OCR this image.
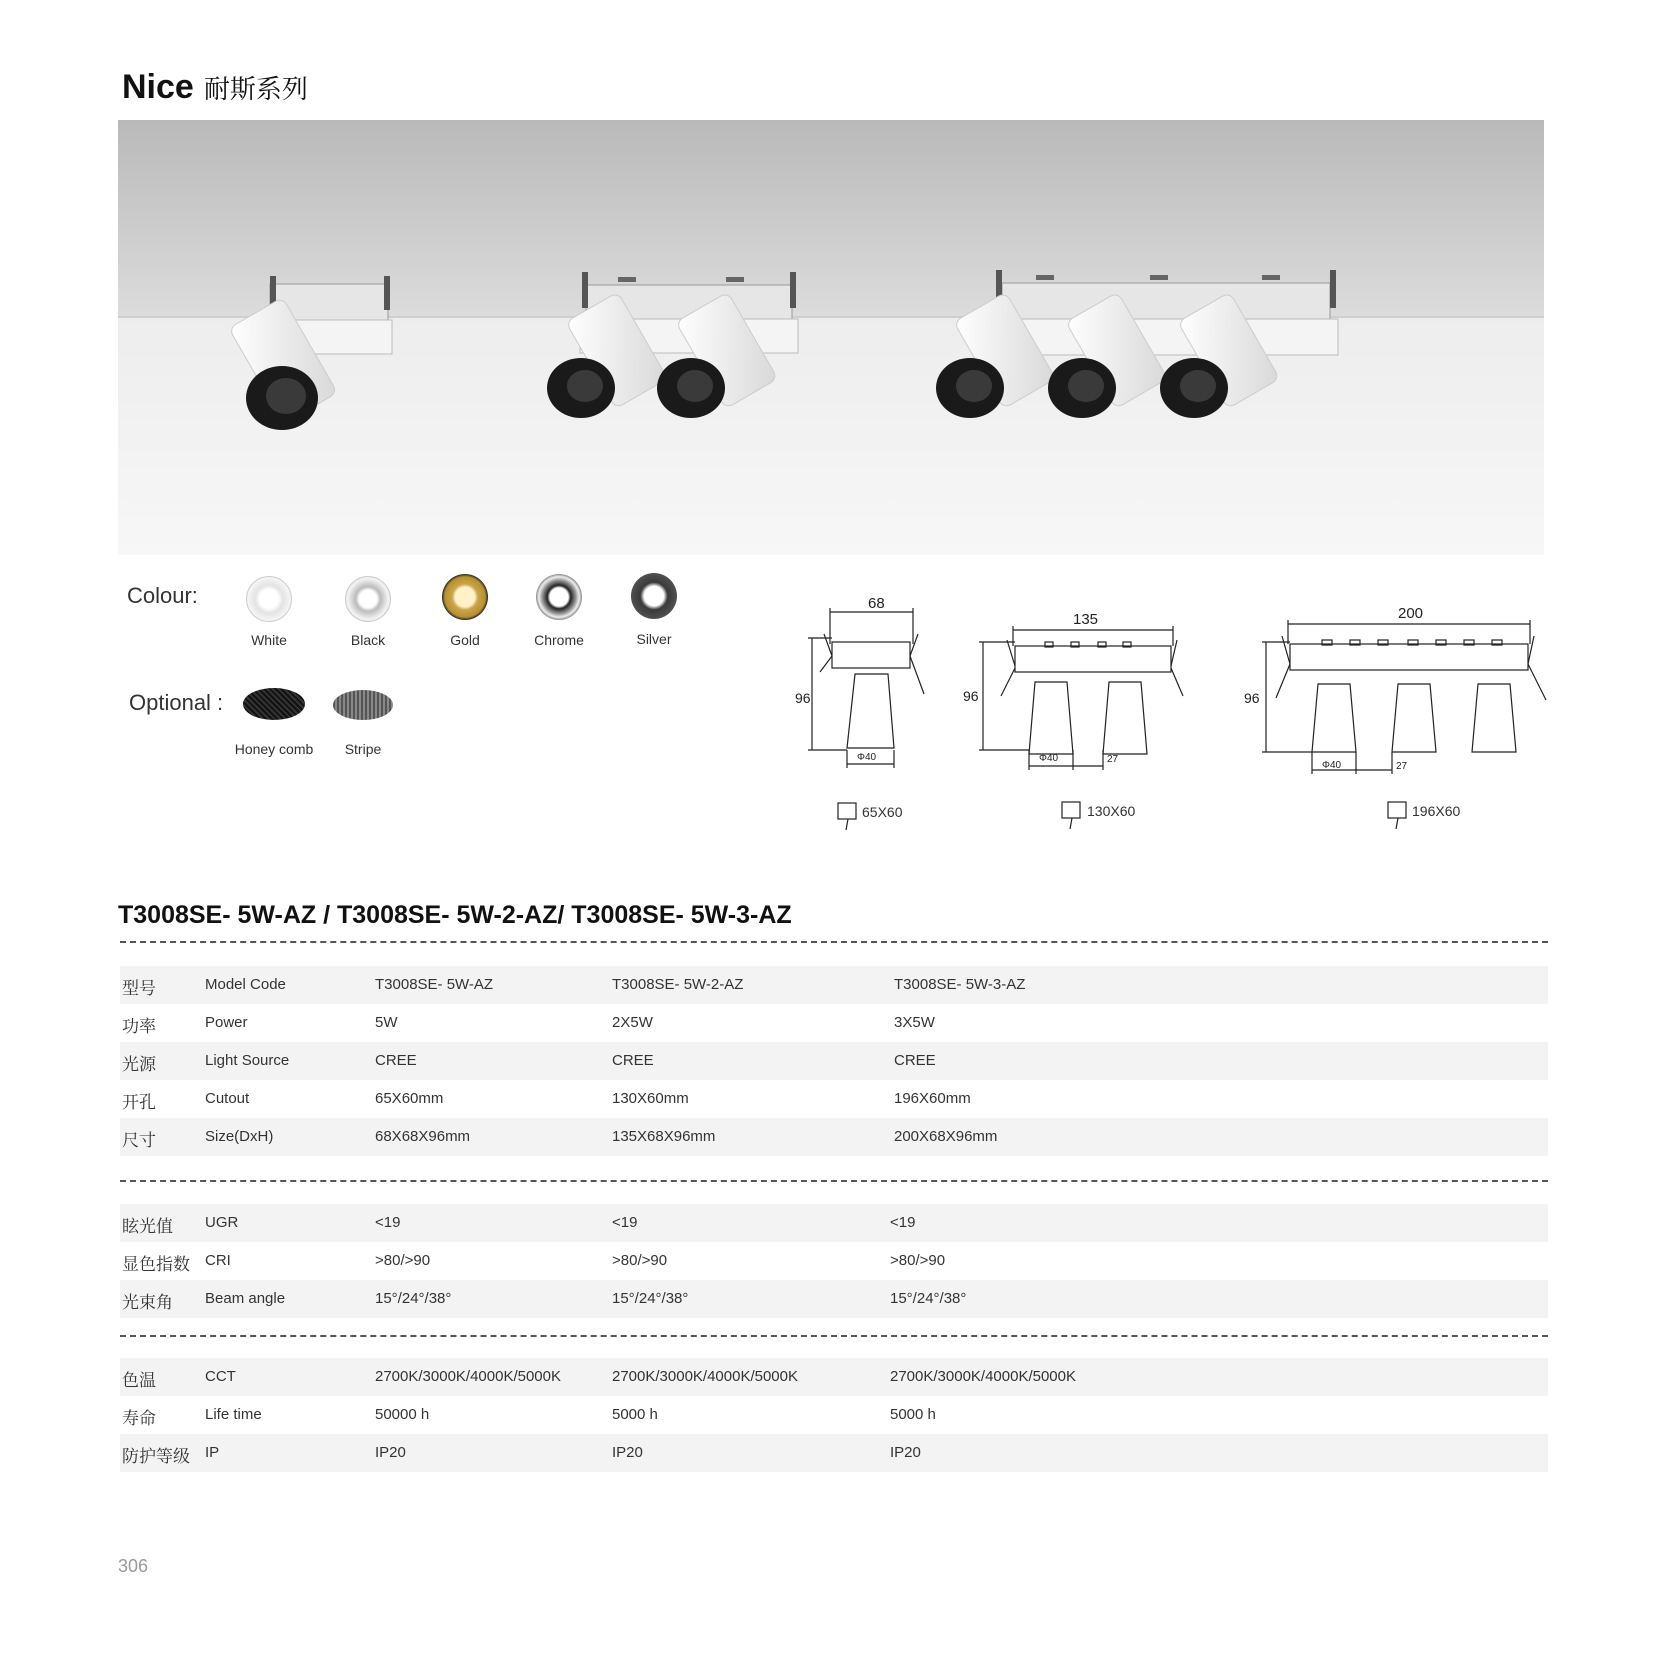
Nice 耐斯系列
Colour:
White	Black	Gold	Chrome	Silver
Optional :
Honey comb	Stripe
68
96
Φ40
65X60
135
96
Φ40	27
130X60
200
96
Φ40	27
196X60
T3008SE- 5W-AZ / T3008SE- 5W-2-AZ/ T3008SE- 5W-3-AZ
型号	Model Code	T3008SE- 5W-AZ	T3008SE- 5W-2-AZ	T3008SE- 5W-3-AZ
功率	Power	5W	2X5W	3X5W
光源	Light Source	CREE	CREE	CREE
开孔	Cutout	65X60mm	130X60mm	196X60mm
尺寸	Size(DxH)	68X68X96mm	135X68X96mm	200X68X96mm
眩光值 UGR	<19	<19	<19
显色指数 CRI	>80/>90	>80/>90	>80/>90
光束角 Beam angle	15°/24°/38°	15°/24°/38°	15°/24°/38°
色温	CCT	2700K/3000K/4000K/5000K	2700K/3000K/4000K/5000K	2700K/3000K/4000K/5000K
寿命	Life time	50000 h	5000 h	5000 h
防护等级 IP	IP20	IP20	IP20
306
